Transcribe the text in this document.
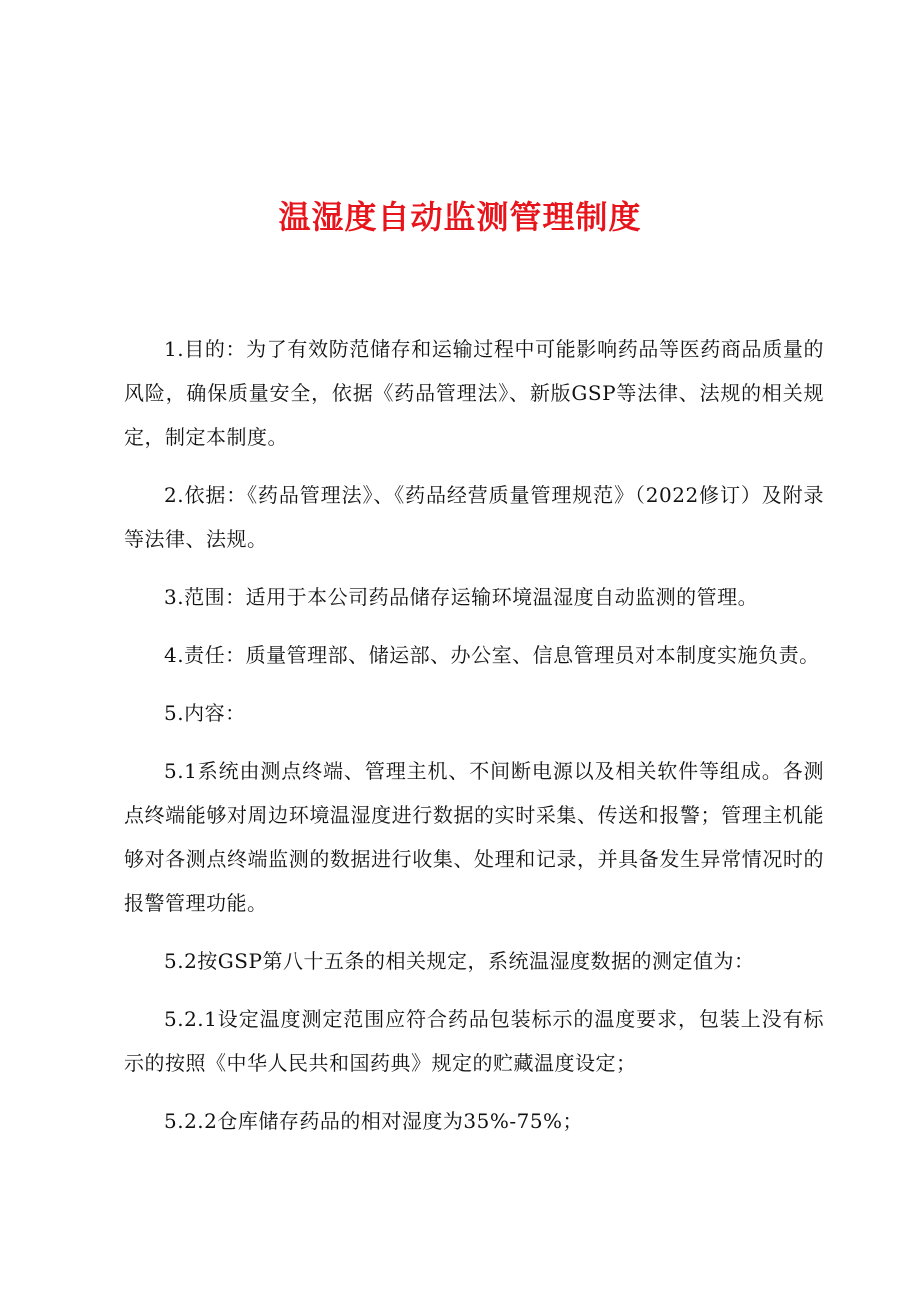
温湿度自动监测管理制度

1.目的：为了有效防范储存和运输过程中可能影响药品等医药商品质量的风险，确保质量安全，依据《药品管理法》、新版GSP等法律、法规的相关规定，制定本制度。

2.依据：《药品管理法》、《药品经营质量管理规范》（2022修订）及附录等法律、法规。

3.范围：适用于本公司药品储存运输环境温湿度自动监测的管理。

4.责任：质量管理部、储运部、办公室、信息管理员对本制度实施负责。

5.内容：

5.1系统由测点终端、管理主机、不间断电源以及相关软件等组成。各测点终端能够对周边环境温湿度进行数据的实时采集、传送和报警；管理主机能够对各测点终端监测的数据进行收集、处理和记录，并具备发生异常情况时的报警管理功能。

5.2按GSP第八十五条的相关规定，系统温湿度数据的测定值为：

5.2.1设定温度测定范围应符合药品包装标示的温度要求，包装上没有标示的按照《中华人民共和国药典》规定的贮藏温度设定；

5.2.2仓库储存药品的相对湿度为35%-75%；
